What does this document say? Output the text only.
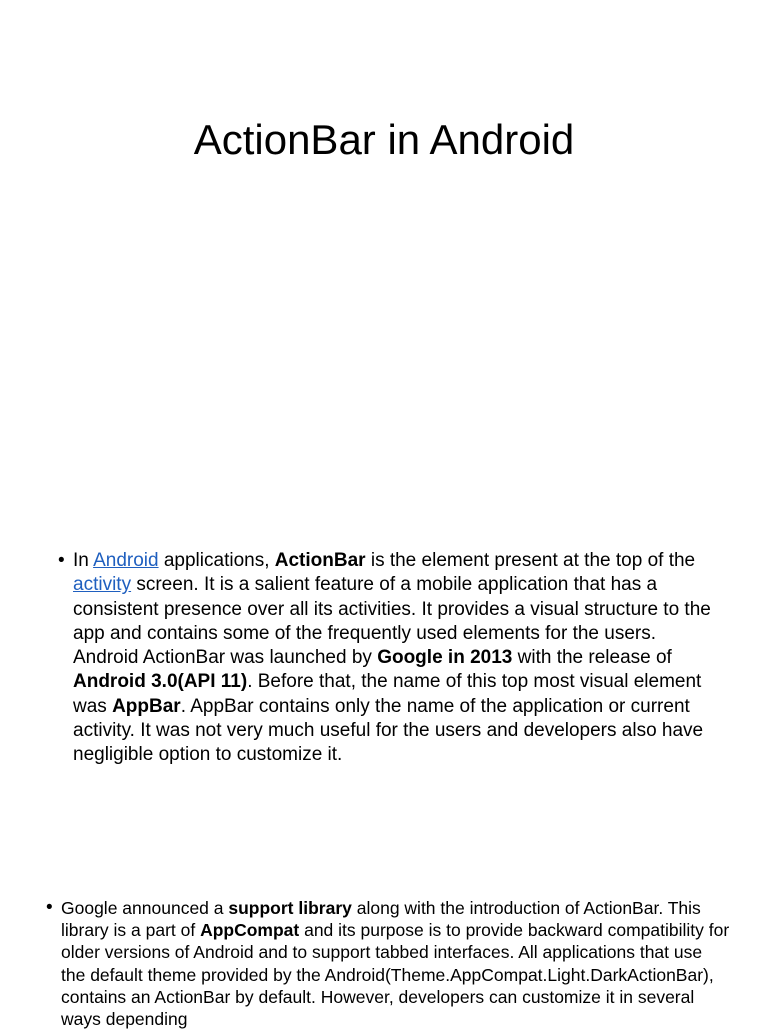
ActionBar in Android
• In Android applications, ActionBar is the element present at the top of the activity screen. It is a salient feature of a mobile application that has a consistent presence over all its activities. It provides a visual structure to the app and contains some of the frequently used elements for the users. Android ActionBar was launched by Google in 2013 with the release of Android 3.0(API 11). Before that, the name of this top most visual element was AppBar. AppBar contains only the name of the application or current activity. It was not very much useful for the users and developers also have negligible option to customize it.
• Google announced a support library along with the introduction of ActionBar. This library is a part of AppCompat and its purpose is to provide backward compatibility for older versions of Android and to support tabbed interfaces. All applications that use the default theme provided by the Android(Theme.AppCompat.Light.DarkActionBar), contains an ActionBar by default. However, developers can customize it in several ways depending
